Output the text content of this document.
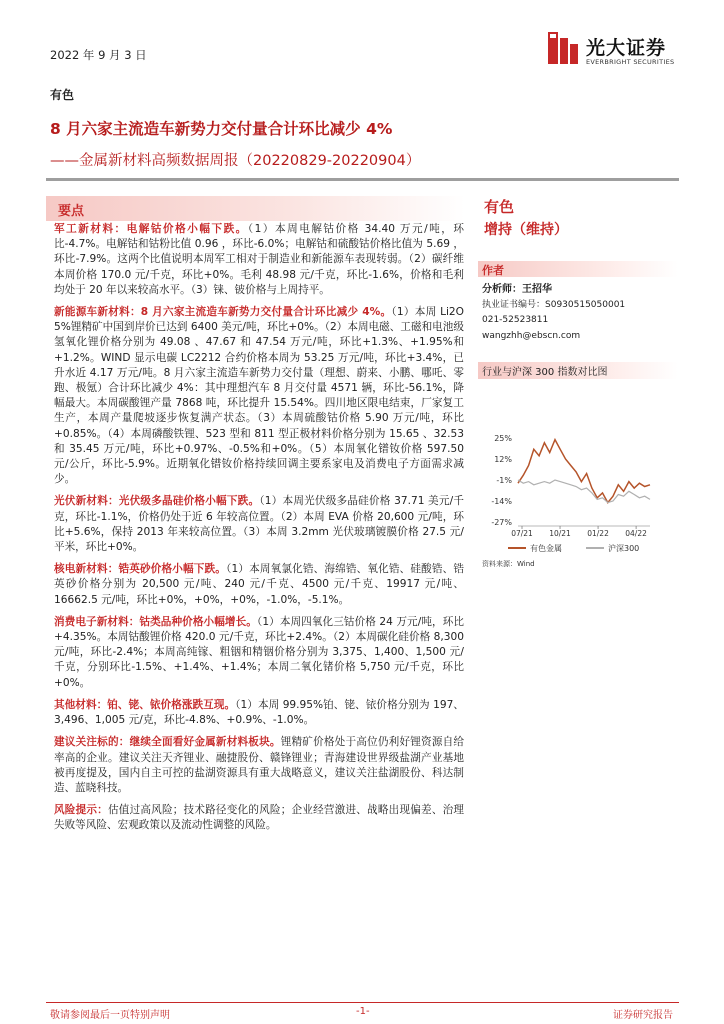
2022 年 9 月 3 日	光大证券
EVERBRIGHT SECURITIES
有色
8 月六家主流造车新势力交付量合计环比减少 4%
——金属新材料高频数据周报（20220829-20220904）
要点

军工新材料：电解钴价格小幅下跌。（1）本周电解钴价格 34.40 万元/吨，环比-4.7%。电解钴和钴粉比值 0.96 ，环比-6.0%；电解钴和硫酸钴价格比值为 5.69 ，环比-7.9%。这两个比值说明本周军工相对于制造业和新能源车表现转弱。（2）碳纤维本周价格 170.0 元/千克，环比+0%。毛利 48.98 元/千克，环比-1.6%，价格和毛利均处于 20 年以来较高水平。（3）铼、铍价格与上周持平。

新能源车新材料：8 月六家主流造车新势力交付量合计环比减少 4%。（1）本周 Li2O 5%锂精矿中国到岸价已达到 6400 美元/吨，环比+0%。（2）本周电磁、工磁和电池级氢氧化锂价格分别为 49.08 、47.67 和 47.54 万元/吨，环比+1.3%、+1.95%和+1.2%。WIND 显示电碳 LC2212 合约价格本周为 53.25 万元/吨，环比+3.4%，已升水近 4.17 万元/吨。8 月六家主流造车新势力交付量（理想、蔚来、小鹏、哪吒、零跑、极氪）合计环比减少 4%：其中理想汽车 8 月交付量 4571 辆，环比-56.1%，降幅最大。本周碳酸锂产量 7868 吨，环比提升 15.54%。四川地区限电结束，厂家复工生产，本周产量爬坡逐步恢复满产状态。（3）本周硫酸钴价格 5.90 万元/吨，环比+0.85%。（4）本周磷酸铁锂、523 型和 811 型正极材料价格分别为 15.65 、32.53 和 35.45 万元/吨，环比+0.97%、-0.5%和+0%。（5）本周氧化镨钕价格 597.50 元/公斤，环比-5.9%。近期氧化镨钕价格持续回调主要系家电及消费电子方面需求减少。

光伏新材料：光伏级多晶硅价格小幅下跌。（1）本周光伏级多晶硅价格 37.71 美元/千克，环比-1.1%，价格仍处于近 6 年较高位置。（2）本周 EVA 价格 20,600 元/吨，环比+5.6%，保持 2013 年来较高位置。（3）本周 3.2mm 光伏玻璃镀膜价格 27.5 元/平米，环比+0%。

核电新材料：锆英砂价格小幅下跌。（1）本周氧氯化锆、海绵锆、氧化锆、硅酸锆、锆英砂价格分别为 20,500 元/吨、240 元/千克、4500 元/千克、19917 元/吨、16662.5 元/吨，环比+0%，+0%，+0%，-1.0%，-5.1%。

消费电子新材料：钴类品种价格小幅增长。（1）本周四氧化三钴价格 24 万元/吨，环比+4.35%。本周钴酸锂价格 420.0 元/千克，环比+2.4%。（2）本周碳化硅价格 8,300 元/吨，环比-2.4%；本周高纯镓、粗铟和精铟价格分别为 3,375、1,400、1,500 元/千克，分别环比-1.5%、+1.4%、+1.4%；本周二氧化锗价格 5,750 元/千克，环比+0%。

其他材料：铂、铑、铱价格涨跌互现。（1）本周 99.95%铂、铑、铱价格分别为 197、3,496、1,005 元/克，环比-4.8%、+0.9%、-1.0%。

建议关注标的：继续全面看好金属新材料板块。锂精矿价格处于高位仍利好锂资源自给率高的企业。建议关注天齐锂业、融捷股份、赣锋锂业；青海建设世界级盐湖产业基地被再度提及，国内自主可控的盐湖资源具有重大战略意义，建议关注盐湖股份、科达制造、蓝晓科技。

风险提示：估值过高风险；技术路径变化的风险；企业经营激进、战略出现偏差、治理失败等风险、宏观政策以及流动性调整的风险。

有色
增持（维持）
作者
分析师：王招华
执业证书编号：S0930515050001
021-52523811
wangzhh@ebscn.com
行业与沪深 300 指数对比图
25%
12%
-1%
-14%
-27%
07/21 10/21 01/22 04/22
有色金属	沪深300
资料来源：Wind
敬请参阅最后一页特别声明	-1-	证券研究报告
